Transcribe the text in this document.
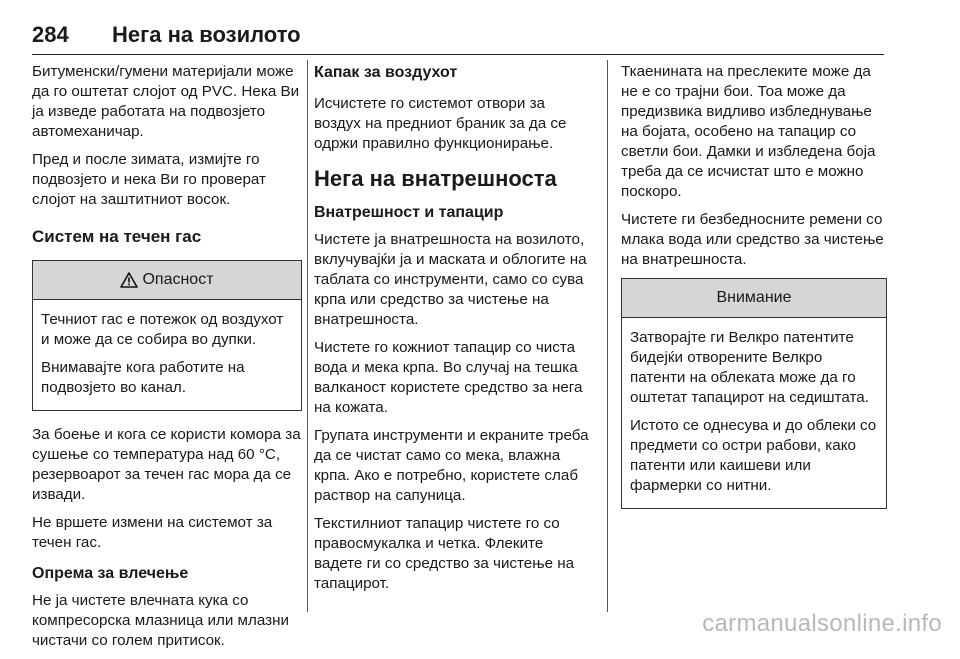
284	Нега на возилото

Битуменски/гумени материјали може да го оштетат слојот од PVC. Нека Ви ја изведе работата на подвозјето автомеханичар.

Пред и после зимата, измијте го подвозјето и нека Ви го проверат слојот на заштитниот восок.

Систем на течен гас
Опасност

Течниот гас е потежок од воздухот и може да се собира во дупки.

Внимавајте кога работите на подвозјето во канал.

За боење и кога се користи комора за сушење со температура над 60 °C, резервоарот за течен гас мора да се извади.

Не вршете измени на системот за течен гас.

Опрема за влечење

Не ја чистете влечната кука со компресорска млазница или млазни чистачи со голем притисок.

Капак за воздухот

Исчистете го системот отвори за воздух на предниот браник за да се одржи правилно функционирање.

Нега на внатрешноста
Внатрешност и тапацир

Чистете ја внатрешноста на возилото, вклучувајќи ја и маската и облогите на таблата со инструменти, само со сува крпа или средство за чистење на внатрешноста.

Чистете го кожниот тапацир со чиста вода и мека крпа. Во случај на тешка валканост користете средство за нега на кожата.

Групата инструменти и екраните треба да се чистат само со мека, влажна крпа. Ако е потребно, користете слаб раствор на сапуница.

Текстилниот тапацир чистете го со правосмукалка и четка. Флеките вадете ги со средство за чистење на тапацирот.

Ткаенината на преслеките може да не е со трајни бои. Тоа може да предизвика видливо избледнување на бојата, особено на тапацир со светли бои. Дамки и избледена боја треба да се исчистат што е можно поскоро.

Чистете ги безбедносните ремени со млака вода или средство за чистење на внатрешноста.

Внимание

Затворајте ги Велкро патентите бидејќи отворените Велкро патенти на облеката може да го оштетат тапацирот на седиштата.

Истото се однесува и до облеки со предмети со остри рабови, како патенти или каишеви или фармерки со нитни.

carmanualsonline.info
